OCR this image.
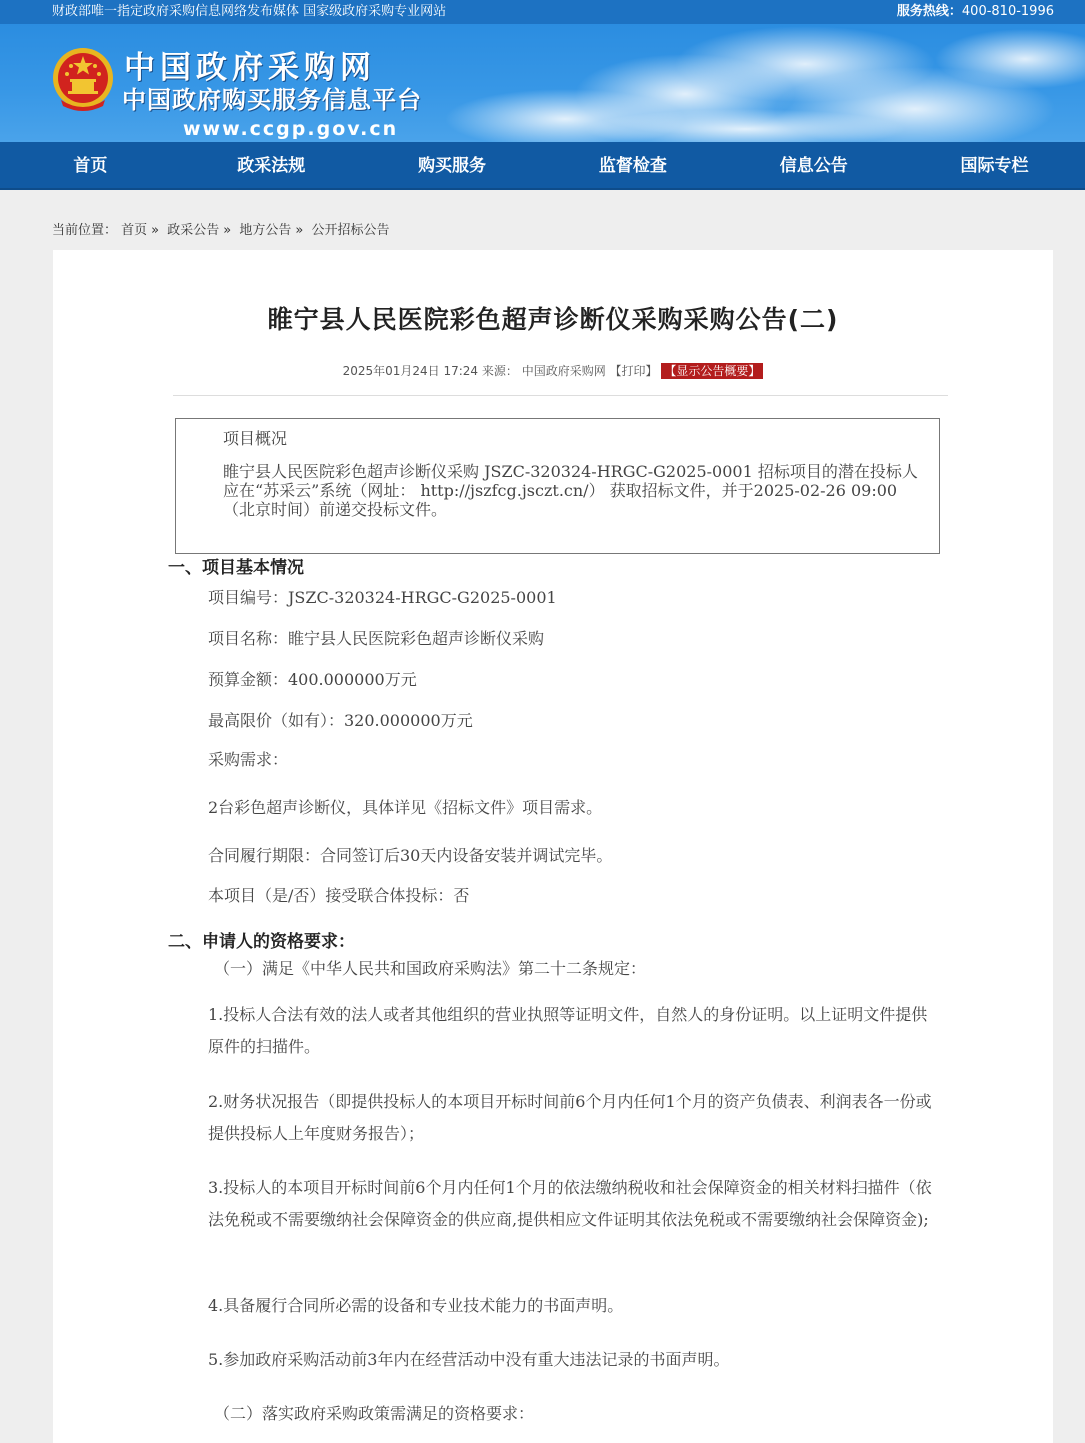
财政部唯一指定政府采购信息网络发布媒体 国家级政府采购专业网站	服务热线：400-810-1996
中国政府采购网
中国政府购买服务信息平台
www.ccgp.gov.cn
首页	政采法规	购买服务	监督检查	信息公告	国际专栏
当前位置： 首页 » 政采公告 » 地方公告 » 公开招标公告
睢宁县人民医院彩色超声诊断仪采购采购公告(二)
2025年01月24日 17:24 来源： 中国政府采购网 【打印】 【显示公告概要】
项目概况
睢宁县人民医院彩色超声诊断仪采购 JSZC-320324-HRGC-G2025-0001 招标项目的潜在投标人应在“苏采云”系统（网址： http://jszfcg.jsczt.cn/） 获取招标文件，并于2025-02-26 09:00 （北京时间）前递交投标文件。
一、项目基本情况
项目编号：JSZC-320324-HRGC-G2025-0001
项目名称：睢宁县人民医院彩色超声诊断仪采购
预算金额：400.000000万元
最高限价（如有）：320.000000万元
采购需求：
2台彩色超声诊断仪，具体详见《招标文件》项目需求。
合同履行期限：合同签订后30天内设备安装并调试完毕。
本项目（是/否）接受联合体投标：否
二、申请人的资格要求：
（一）满足《中华人民共和国政府采购法》第二十二条规定：
1.投标人合法有效的法人或者其他组织的营业执照等证明文件，自然人的身份证明。以上证明文件提供原件的扫描件。
2.财务状况报告（即提供投标人的本项目开标时间前6个月内任何1个月的资产负债表、利润表各一份或提供投标人上年度财务报告）；
3.投标人的本项目开标时间前6个月内任何1个月的依法缴纳税收和社会保障资金的相关材料扫描件（依法免税或不需要缴纳社会保障资金的供应商,提供相应文件证明其依法免税或不需要缴纳社会保障资金);
4.具备履行合同所必需的设备和专业技术能力的书面声明。
5.参加政府采购活动前3年内在经营活动中没有重大违法记录的书面声明。
（二）落实政府采购政策需满足的资格要求：
